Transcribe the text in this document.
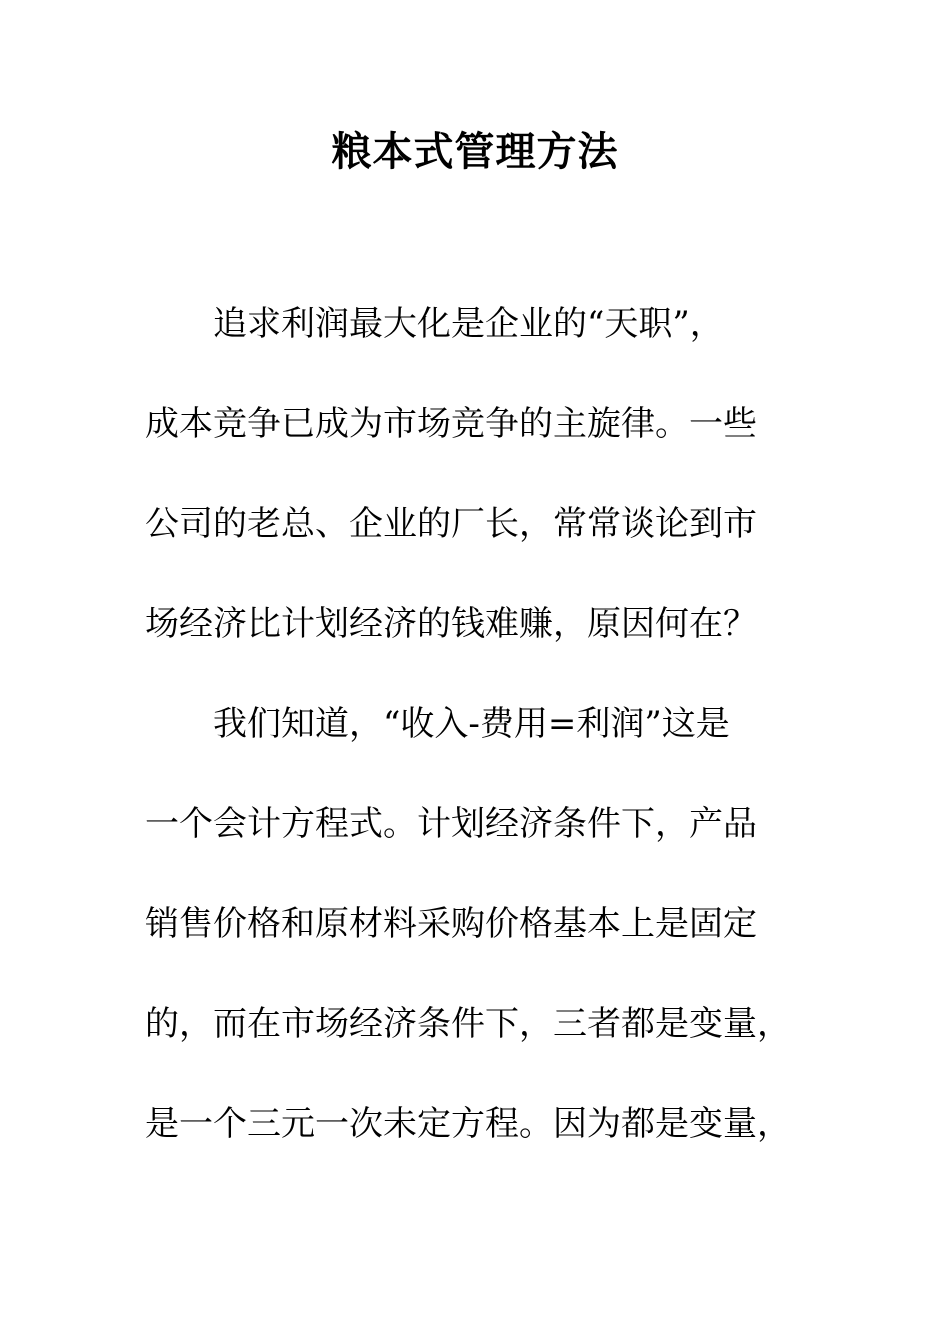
粮本式管理方法
　　追求利润最大化是企业的“天职”，
成本竞争已成为市场竞争的主旋律。一些
公司的老总、企业的厂长，常常谈论到市
场经济比计划经济的钱难赚，原因何在？
　　我们知道，“收入-费用=利润”这是
一个会计方程式。计划经济条件下，产品
销售价格和原材料采购价格基本上是固定
的，而在市场经济条件下，三者都是变量，
是一个三元一次未定方程。因为都是变量，
